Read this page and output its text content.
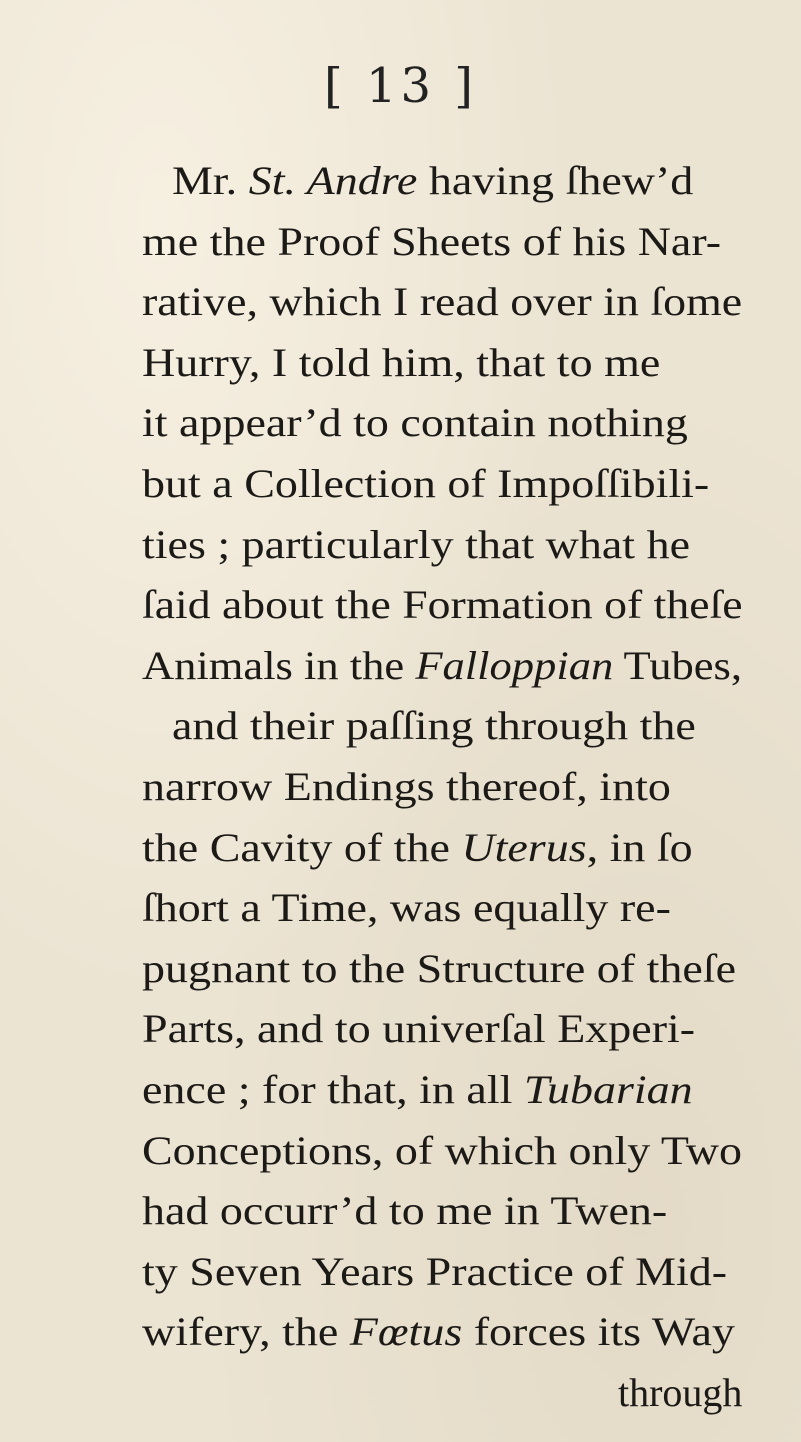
[ 13 ]
Mr. St. Andre having ſhew’d
me the Proof Sheets of his Nar-
rative, which I read over in ſome
Hurry, I told him, that to me
it appear’d to contain nothing
but a Collection of Impoſſibili-
ties ; particularly that what he
ſaid about the Formation of theſe
Animals in the Falloppian Tubes,
and their paſſing through the
narrow Endings thereof, into
the Cavity of the Uterus, in ſo
ſhort a Time, was equally re-
pugnant to the Structure of theſe
Parts, and to univerſal Experi-
ence ; for that, in all Tubarian
Conceptions, of which only Two
had occurr’d to me in Twen-
ty Seven Years Practice of Mid-
wifery, the Fœtus forces its Way
through
